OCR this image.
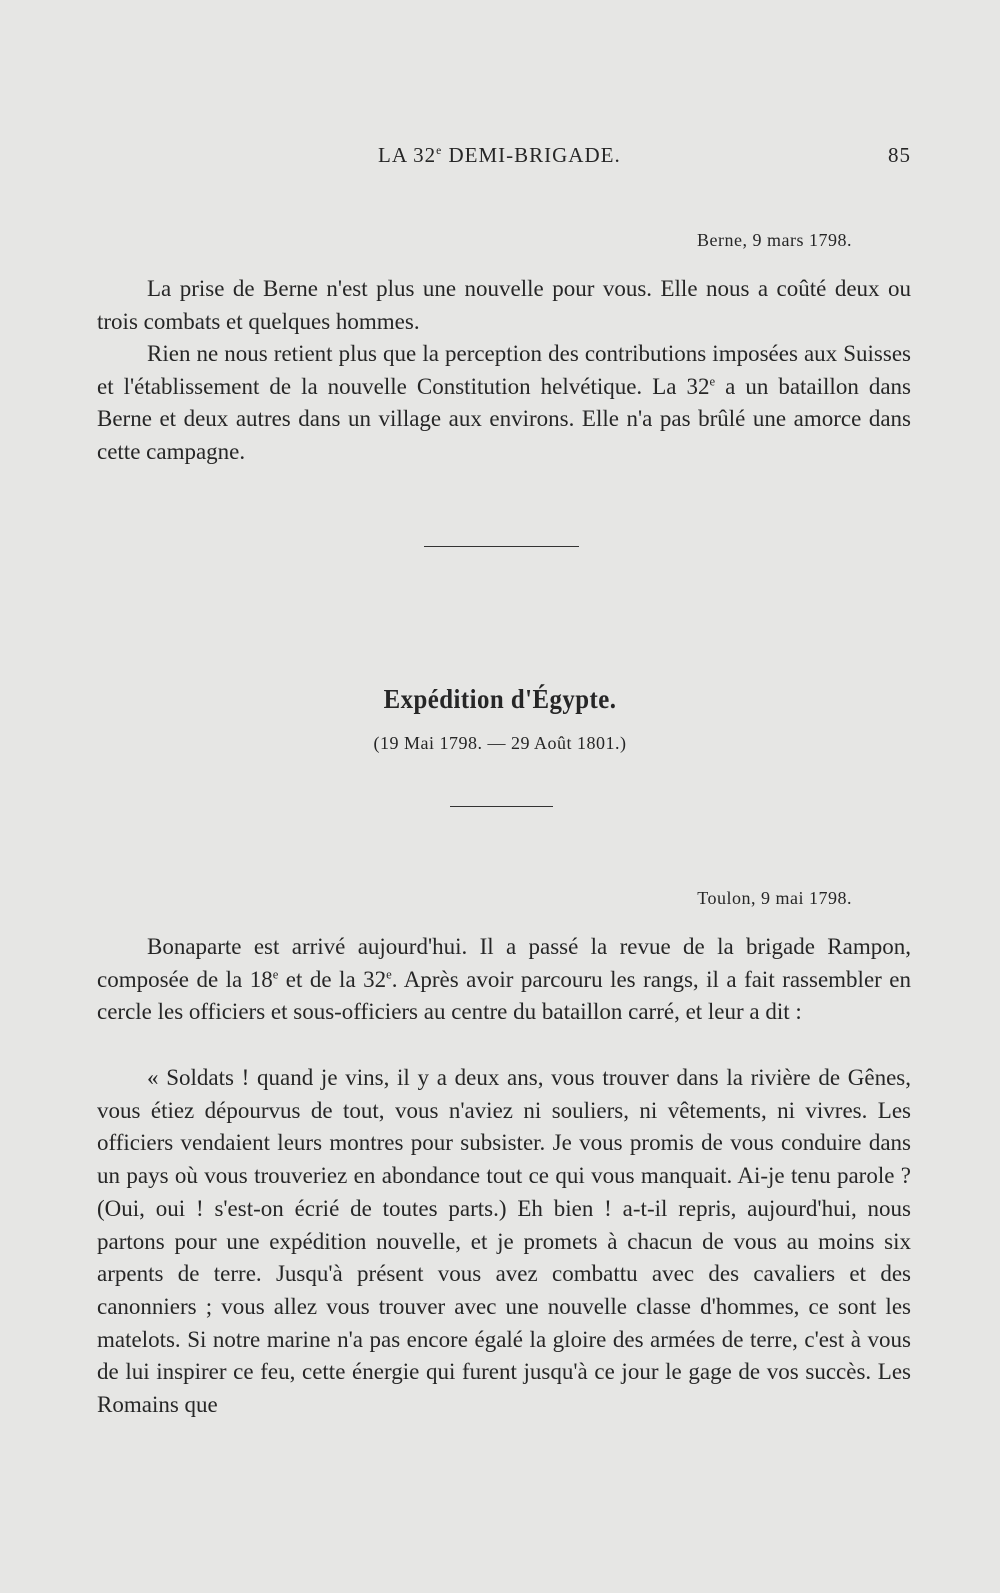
LA 32e DEMI-BRIGADE.	85
Berne, 9 mars 1798.

La prise de Berne n'est plus une nouvelle pour vous. Elle nous a coûté deux ou trois combats et quelques hommes.

Rien ne nous retient plus que la perception des contributions imposées aux Suisses et l'établissement de la nouvelle Constitution helvétique. La 32e a un bataillon dans Berne et deux autres dans un village aux environs. Elle n'a pas brûlé une amorce dans cette campagne.

Expédition d'Égypte.
(19 Mai 1798. — 29 Août 1801.)
Toulon, 9 mai 1798.

Bonaparte est arrivé aujourd'hui. Il a passé la revue de la brigade Rampon, composée de la 18e et de la 32e. Après avoir parcouru les rangs, il a fait rassembler en cercle les officiers et sous-officiers au centre du bataillon carré, et leur a dit :

« Soldats ! quand je vins, il y a deux ans, vous trouver dans la rivière de Gênes, vous étiez dépourvus de tout, vous n'aviez ni souliers, ni vêtements, ni vivres. Les officiers vendaient leurs montres pour subsister. Je vous promis de vous conduire dans un pays où vous trouveriez en abondance tout ce qui vous manquait. Ai-je tenu parole ? (Oui, oui ! s'est-on écrié de toutes parts.) Eh bien ! a-t-il repris, aujourd'hui, nous partons pour une expédition nouvelle, et je promets à chacun de vous au moins six arpents de terre. Jusqu'à présent vous avez combattu avec des cavaliers et des canonniers ; vous allez vous trouver avec une nouvelle classe d'hommes, ce sont les matelots. Si notre marine n'a pas encore égalé la gloire des armées de terre, c'est à vous de lui inspirer ce feu, cette énergie qui furent jusqu'à ce jour le gage de vos succès. Les Romains que
